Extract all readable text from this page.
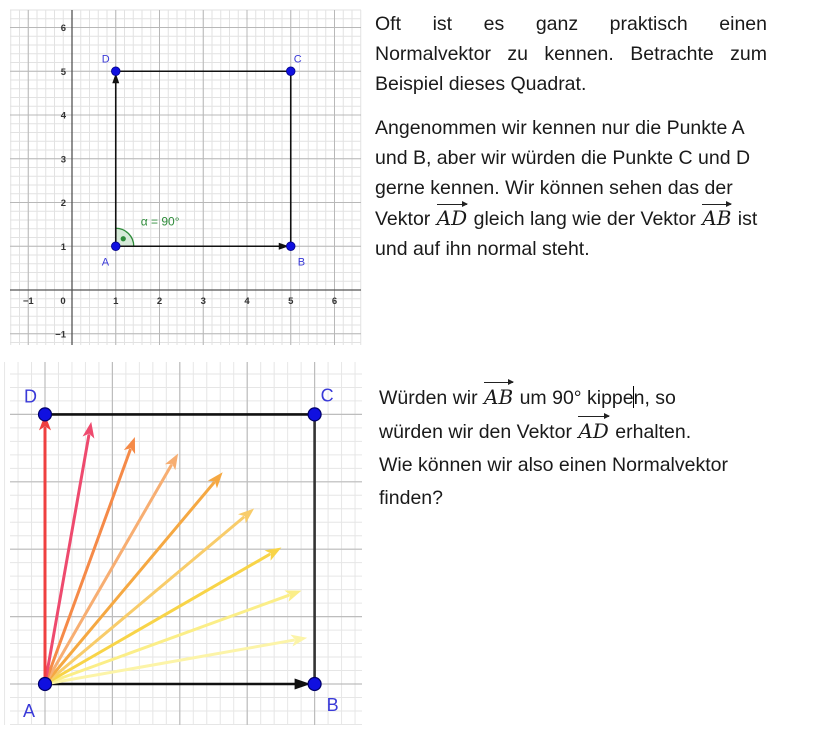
−1	0	1	2	3	4	5	6
6
5
4
3
2
1
−1
α = 90°
A	B
C
D
A	B
C
D

Oft ist es ganz praktisch einen
Normalvektor zu kennen. Betrachte zum Beispiel dieses Quadrat.

Angenommen wir kennen nur die Punkte A und B, aber wir würden die Punkte C und D gerne kennen. Wir können sehen das der Vektor AD gleich lang wie der Vektor AB ist und auf ihn normal steht.

Würden wir AB um 90° kippen, so

würden wir den Vektor AD erhalten.

Wie können wir also einen Normalvektor

finden?
